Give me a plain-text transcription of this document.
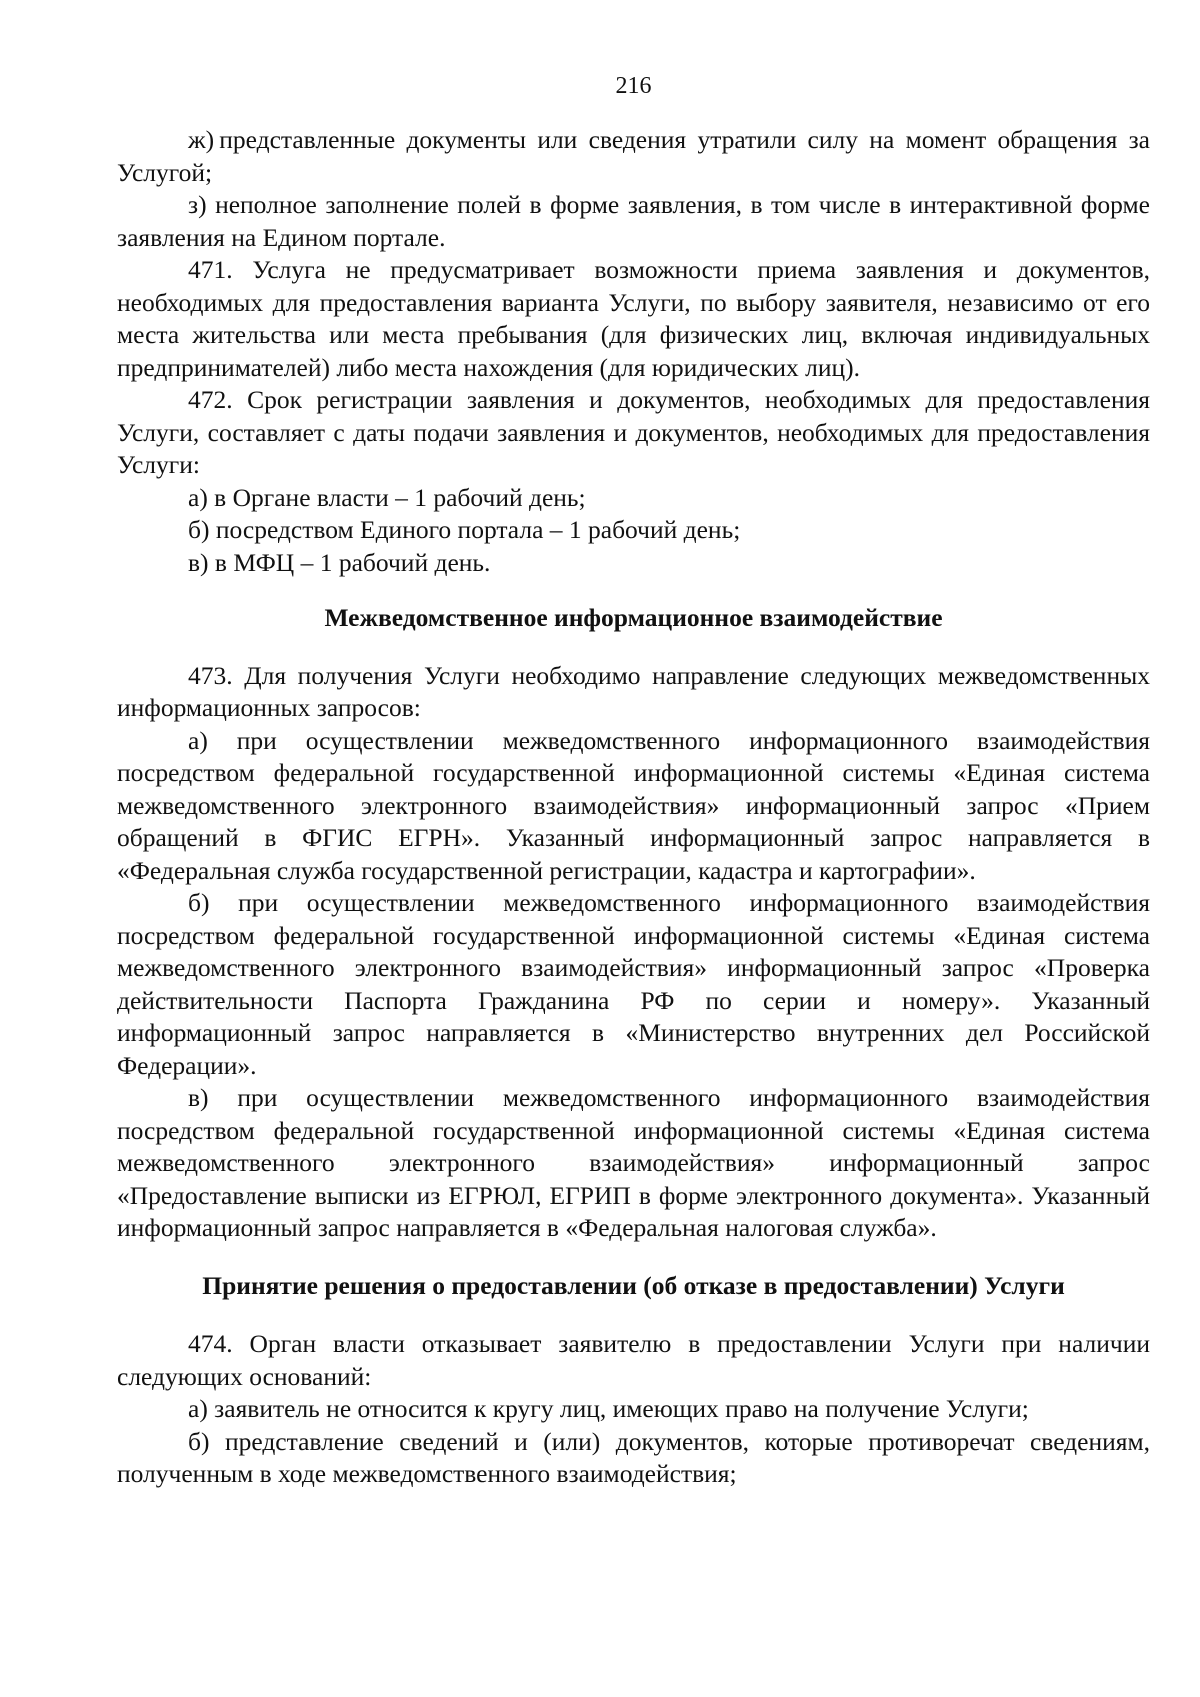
216

ж) представленные документы или сведения утратили силу на момент обращения за Услугой;

з) неполное заполнение полей в форме заявления, в том числе в интерактивной форме заявления на Едином портале.

471. Услуга не предусматривает возможности приема заявления и документов, необходимых для предоставления варианта Услуги, по выбору заявителя, независимо от его места жительства или места пребывания (для физических лиц, включая индивидуальных предпринимателей) либо места нахождения (для юридических лиц).

472. Срок регистрации заявления и документов, необходимых для предоставления Услуги, составляет с даты подачи заявления и документов, необходимых для предоставления Услуги:

а) в Органе власти – 1 рабочий день;

б) посредством Единого портала – 1 рабочий день;

в) в МФЦ – 1 рабочий день.

Межведомственное информационное взаимодействие

473. Для получения Услуги необходимо направление следующих межведомственных информационных запросов:

а) при осуществлении межведомственного информационного взаимодействия посредством федеральной государственной информационной системы «Единая система межведомственного электронного взаимодействия» информационный запрос «Прием обращений в ФГИС ЕГРН». Указанный информационный запрос направляется в «Федеральная служба государственной регистрации, кадастра и картографии».

б) при осуществлении межведомственного информационного взаимодействия посредством федеральной государственной информационной системы «Единая система межведомственного электронного взаимодействия» информационный запрос «Проверка действительности Паспорта Гражданина РФ по серии и номеру». Указанный информационный запрос направляется в «Министерство внутренних дел Российской Федерации».

в) при осуществлении межведомственного информационного взаимодействия посредством федеральной государственной информационной системы «Единая система межведомственного электронного взаимодействия» информационный запрос «Предоставление выписки из ЕГРЮЛ, ЕГРИП в форме электронного документа». Указанный информационный запрос направляется в «Федеральная налоговая служба».

Принятие решения о предоставлении (об отказе в предоставлении) Услуги

474. Орган власти отказывает заявителю в предоставлении Услуги при наличии следующих оснований:

а) заявитель не относится к кругу лиц, имеющих право на получение Услуги;

б) представление сведений и (или) документов, которые противоречат сведениям, полученным в ходе межведомственного взаимодействия;
